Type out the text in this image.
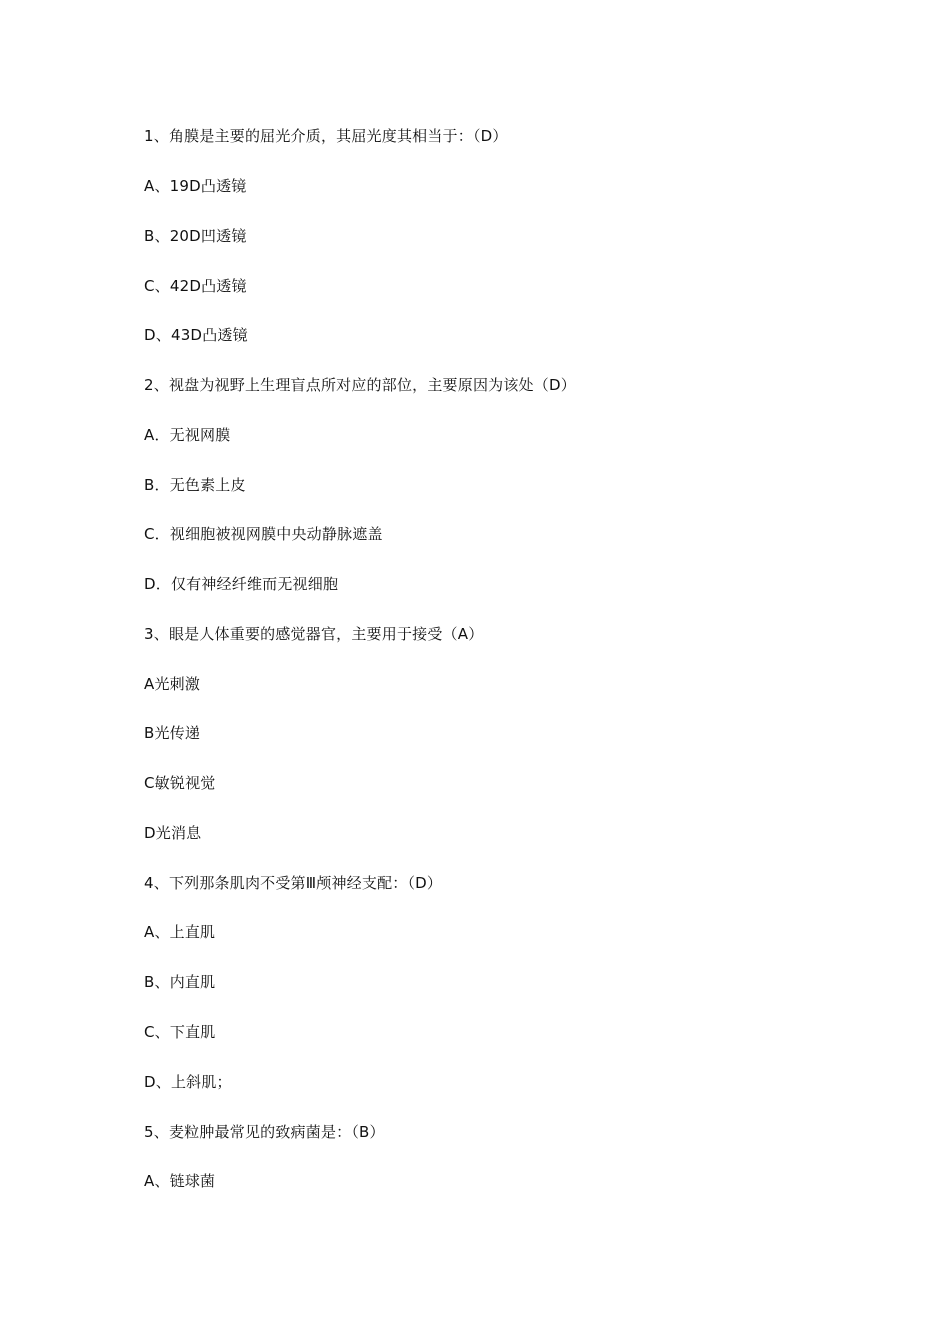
1、角膜是主要的屈光介质，其屈光度其相当于：（D）
A、19D凸透镜
B、20D凹透镜
C、42D凸透镜
D、43D凸透镜
2、视盘为视野上生理盲点所对应的部位，主要原因为该处（D）
A．无视网膜
B．无色素上皮
C．视细胞被视网膜中央动静脉遮盖
D．仅有神经纤维而无视细胞
3、眼是人体重要的感觉器官，主要用于接受（A）
A光刺激
B光传递
C敏锐视觉
D光消息
4、下列那条肌肉不受第Ⅲ颅神经支配：（D）
A、上直肌
B、内直肌
C、下直肌
D、上斜肌；
5、麦粒肿最常见的致病菌是：（B）
A、链球菌
